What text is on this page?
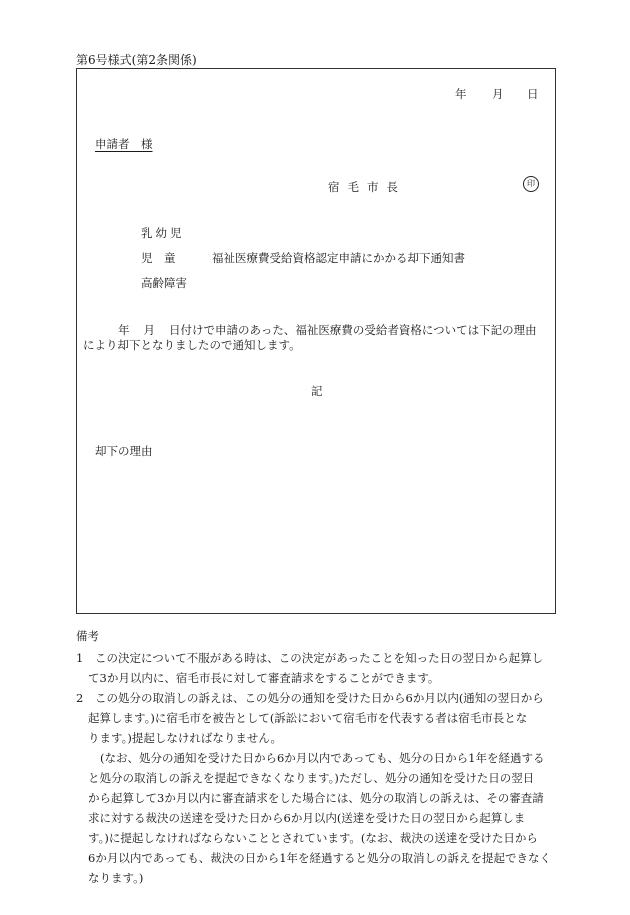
第6号様式(第2条関係)
年 月 日
申請者　様
宿毛市長	印
乳幼児
児　童	福祉医療費受給資格認定申請にかかる却下通知書
高齢障害
年 月 日付けで申請のあった、福祉医療費の受給者資格については下記の理由
により却下となりましたので通知します。
記
却下の理由
備考
1	この決定について不服がある時は、この決定があったことを知った日の翌日から起算し
て3か月以内に、宿毛市長に対して審査請求をすることができます。
2	この処分の取消しの訴えは、この処分の通知を受けた日から6か月以内(通知の翌日から
起算します。)に宿毛市を被告として(訴訟において宿毛市を代表する者は宿毛市長とな
ります。)提起しなければなりません。
(なお、処分の通知を受けた日から6か月以内であっても、処分の日から1年を経過する
と処分の取消しの訴えを提起できなくなります。)ただし、処分の通知を受けた日の翌日
から起算して3か月以内に審査請求をした場合には、処分の取消しの訴えは、その審査請
求に対する裁決の送達を受けた日から6か月以内(送達を受けた日の翌日から起算しま
す。)に提起しなければならないこととされています。(なお、裁決の送達を受けた日から
6か月以内であっても、裁決の日から1年を経過すると処分の取消しの訴えを提起できなく
なります。)
